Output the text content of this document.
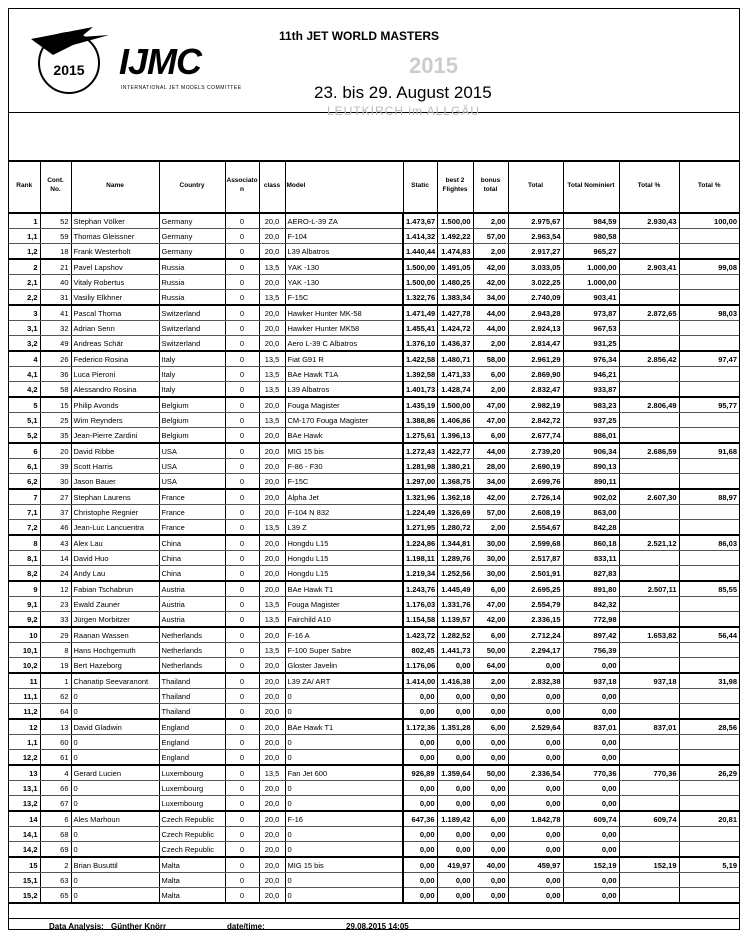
2015 IJMC
INTERNATIONAL JET MODELS COMMITTEE
11th JET WORLD MASTERS
2015
23. bis 29. August 2015
LEUTKIRCH im ALLGÄU
Rank	Cont. No.	Name	Country	Associato n	class	Model	Static	best 2 Flightes	bonus total	Total	Total Nominiert	Total %	Total %
1	52	Stephan Völker	Germany	0	20,0	AERO-L-39 ZA	1.473,67	1.500,00	2,00	2.975,67	984,59	2.930,43	100,00
1,1	59	Thomas Gleissner	Germany	0	20,0	F-104	1.414,32	1.492,22	57,00	2.963,54	980,58		
1,2	18	Frank Westerholt	Germany	0	20,0	L39 Albatros	1.440,44	1.474,83	2,00	2.917,27	965,27		
2	21	Pavel Lapshov	Russia	0	13,5	YAK -130	1.500,00	1.491,05	42,00	3.033,05	1.000,00	2.903,41	99,08
2,1	40	Vitaly Robertus	Russia	0	20,0	YAK -130	1.500,00	1.480,25	42,00	3.022,25	1.000,00		
2,2	31	Vasiliy Elkhner	Russia	0	13,5	F-15C	1.322,76	1.383,34	34,00	2.740,09	903,41		
3	41	Pascal Thoma	Switzerland	0	20,0	Hawker Hunter MK-58	1.471,49	1.427,78	44,00	2.943,28	973,87	2.872,65	98,03
3,1	32	Adrian Senn	Switzerland	0	20,0	Hawker Hunter MK58	1.455,41	1.424,72	44,00	2.924,13	967,53		
3,2	49	Andreas Schär	Switzerland	0	20,0	Aero L-39 C Albatros	1.376,10	1.436,37	2,00	2.814,47	931,25		
4	26	Federico Rosina	Italy	0	13,5	Fiat G91 R	1.422,58	1.480,71	58,00	2.961,29	976,34	2.856,42	97,47
4,1	36	Luca Pieroni	Italy	0	13,5	BAe Hawk T1A	1.392,58	1.471,33	6,00	2.869,90	946,21		
4,2	58	Alessandro Rosina	Italy	0	13,5	L39 Albatros	1.401,73	1.428,74	2,00	2.832,47	933,87		
5	15	Philip Avonds	Belgium	0	20,0	Fouga Magister	1.435,19	1.500,00	47,00	2.982,19	983,23	2.806,49	95,77
5,1	25	Wim Reynders	Belgium	0	13,5	CM-170 Fouga Magister	1.388,86	1.406,86	47,00	2.842,72	937,25		
5,2	35	Jean-Pierre Zardini	Belgium	0	20,0	BAe Hawk	1.275,61	1.396,13	6,00	2.677,74	886,01		
6	20	David Ribbe	USA	0	20,0	MIG 15 bis	1.272,43	1.422,77	44,00	2.739,20	906,34	2.686,59	91,68
6,1	39	Scott Harris	USA	0	20,0	F-86 - F30	1.281,98	1.380,21	28,00	2.690,19	890,13		
6,2	30	Jason Bauer	USA	0	20,0	F-15C	1.297,00	1.368,75	34,00	2.699,76	890,11		
7	27	Stephan Laurens	France	0	20,0	Alpha Jet	1.321,96	1.362,18	42,00	2.726,14	902,02	2.607,30	88,97
7,1	37	Christophe Regnier	France	0	20,0	F-104 N 832	1.224,49	1.326,69	57,00	2.608,19	863,00		
7,2	46	Jean-Luc Lancuentra	France	0	13,5	L39 Z	1.271,95	1.280,72	2,00	2.554,67	842,28		
8	43	Alex Lau	China	0	20,0	Hongdu L15	1.224,86	1.344,81	30,00	2.599,68	860,18	2.521,12	86,03
8,1	14	David Huo	China	0	20,0	Hongdu L15	1.198,11	1.289,76	30,00	2.517,87	833,11		
8,2	24	Andy Lau	China	0	20,0	Hongdu L15	1.219,34	1.252,56	30,00	2.501,91	827,83		
9	12	Fabian Tschabrun	Austria	0	20,0	BAe Hawk T1	1.243,76	1.445,49	6,00	2.695,25	891,80	2.507,11	85,55
9,1	23	Ewald Zauner	Austria	0	13,5	Fouga Magister	1.176,03	1.331,76	47,00	2.554,79	842,32		
9,2	33	Jürgen Morbitzer	Austria	0	13,5	Fairchild A10	1.154,58	1.139,57	42,00	2.336,15	772,98		
10	29	Raanan Wassen	Netherlands	0	20,0	F-16 A	1.423,72	1.282,52	6,00	2.712,24	897,42	1.653,82	56,44
10,1	8	Hans Hochgemuth	Netherlands	0	13,5	F-100 Super Sabre	802,45	1.441,73	50,00	2.294,17	756,39		
10,2	19	Bert Hazeborg	Netherlands	0	20,0	Gloster Javelin	1.176,06	0,00	64,00	0,00	0,00		
11	1	Chanatip Seevaranont	Thailand	0	20,0	L39 ZA/ ART	1.414,00	1.416,38	2,00	2.832,38	937,18	937,18	31,98
11,1	62	0	Thailand	0	20,0	0	0,00	0,00	0,00	0,00	0,00		
11,2	64	0	Thailand	0	20,0	0	0,00	0,00	0,00	0,00	0,00		
12	13	David Gladwin	England	0	20,0	BAe Hawk T1	1.172,36	1.351,28	6,00	2.529,64	837,01	837,01	28,56
1,1	60	0	England	0	20,0	0	0,00	0,00	0,00	0,00	0,00		
12,2	61	0	England	0	20,0	0	0,00	0,00	0,00	0,00	0,00		
13	4	Gerard Lucien	Luxembourg	0	13,5	Fan Jet 600	926,89	1.359,64	50,00	2.336,54	770,36	770,36	26,29
13,1	66	0	Luxembourg	0	20,0	0	0,00	0,00	0,00	0,00	0,00		
13,2	67	0	Luxembourg	0	20,0	0	0,00	0,00	0,00	0,00	0,00		
14	6	Ales Marhoun	Czech Republic	0	20,0	F-16	647,36	1.189,42	6,00	1.842,78	609,74	609,74	20,81
14,1	68	0	Czech Republic	0	20,0	0	0,00	0,00	0,00	0,00	0,00		
14,2	69	0	Czech Republic	0	20,0	0	0,00	0,00	0,00	0,00	0,00		
15	2	Brian Busuttil	Malta	0	20,0	MIG 15 bis	0,00	419,97	40,00	459,97	152,19	152,19	5,19
15,1	63	0	Malta	0	20,0	0	0,00	0,00	0,00	0,00	0,00		
15,2	65	0	Malta	0	20,0	0	0,00	0,00	0,00	0,00	0,00		
Data Analysis: Günther Knörr	date/time:	29.08.2015 14:05
